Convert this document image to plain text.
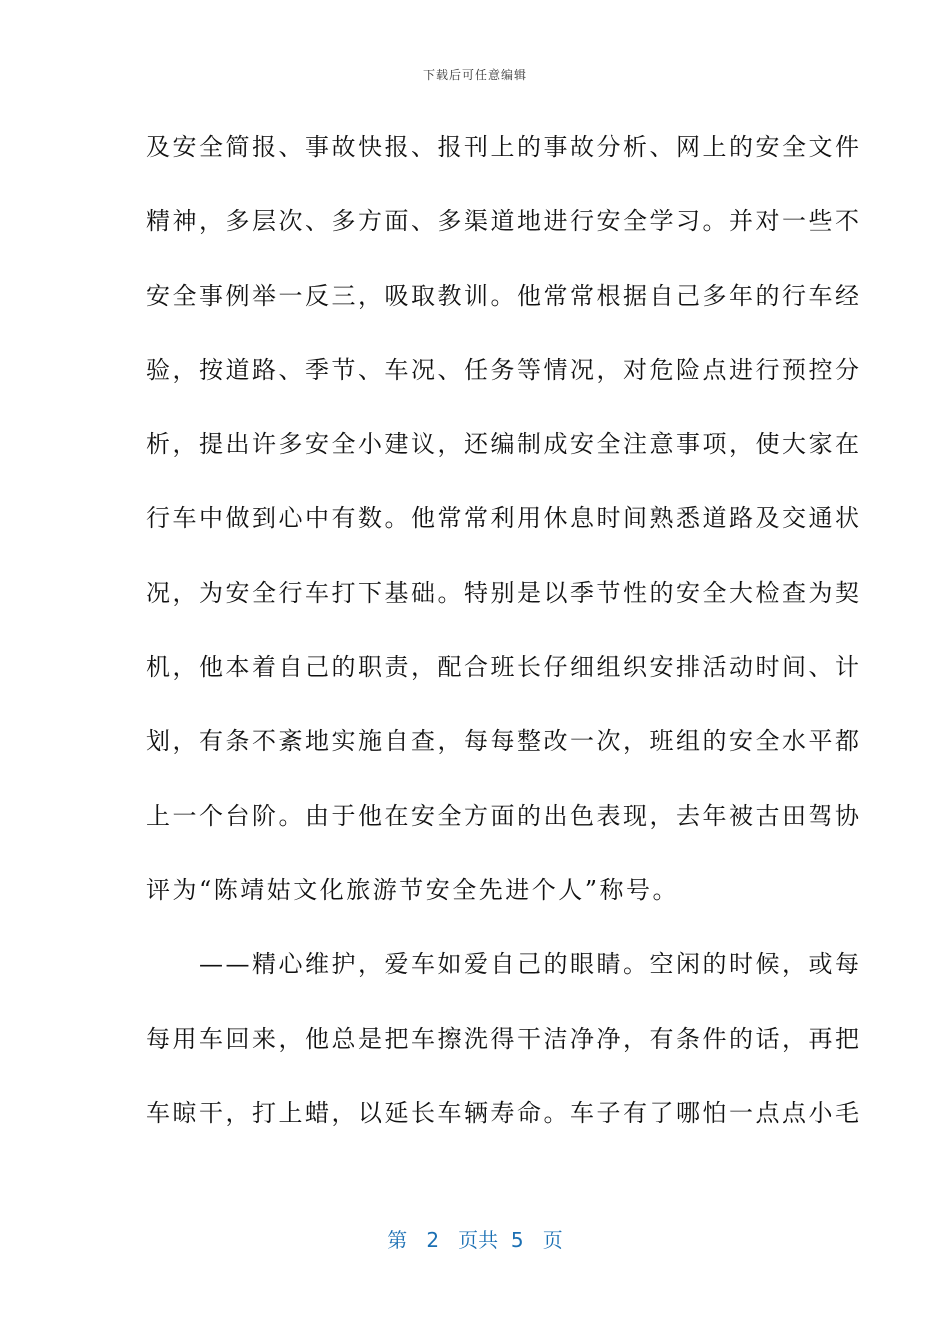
下载后可任意编辑
及安全简报、事故快报、报刊上的事故分析、网上的安全文件
精神，多层次、多方面、多渠道地进行安全学习。并对一些不
安全事例举一反三，吸取教训。他常常根据自己多年的行车经
验，按道路、季节、车况、任务等情况，对危险点进行预控分
析，提出许多安全小建议，还编制成安全注意事项，使大家在
行车中做到心中有数。他常常利用休息时间熟悉道路及交通状
况，为安全行车打下基础。特别是以季节性的安全大检查为契
机，他本着自己的职责，配合班长仔细组织安排活动时间、计
划，有条不紊地实施自查，每每整改一次，班组的安全水平都
上一个台阶。由于他在安全方面的出色表现，去年被古田驾协
评为“陈靖姑文化旅游节安全先进个人”称号。
　　——精心维护，爱车如爱自己的眼睛。空闲的时候，或每
每用车回来，他总是把车擦洗得干洁净净，有条件的话，再把
车晾干，打上蜡，以延长车辆寿命。车子有了哪怕一点点小毛
第 2 页共 5 页
